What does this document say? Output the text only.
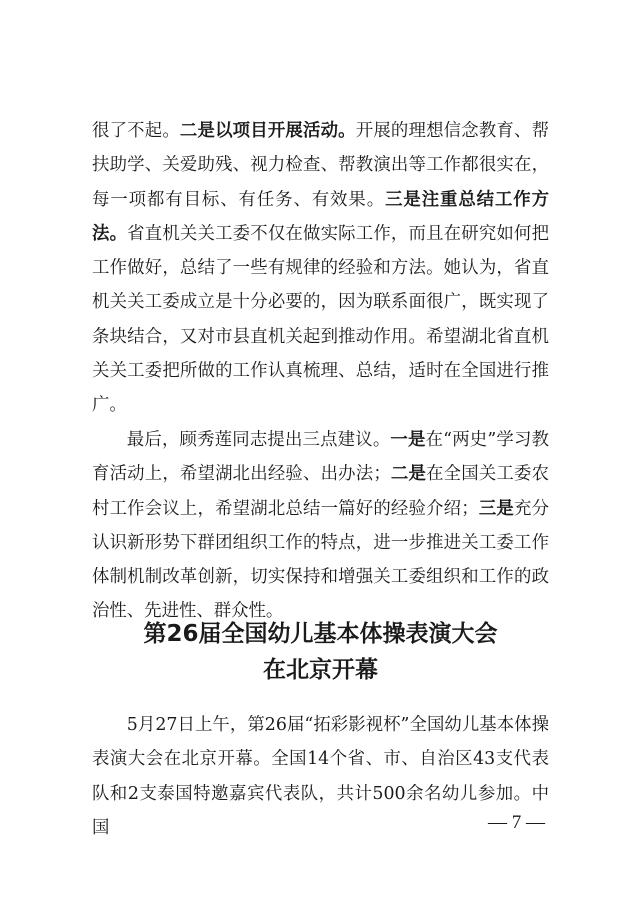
很了不起。二是以项目开展活动。开展的理想信念教育、帮扶助学、关爱助残、视力检查、帮教演出等工作都很实在，每一项都有目标、有任务、有效果。三是注重总结工作方法。省直机关关工委不仅在做实际工作，而且在研究如何把工作做好，总结了一些有规律的经验和方法。她认为，省直机关关工委成立是十分必要的，因为联系面很广，既实现了条块结合，又对市县直机关起到推动作用。希望湖北省直机关关工委把所做的工作认真梳理、总结，适时在全国进行推广。

最后，顾秀莲同志提出三点建议。一是在“两史”学习教育活动上，希望湖北出经验、出办法；二是在全国关工委农村工作会议上，希望湖北总结一篇好的经验介绍；三是充分认识新形势下群团组织工作的特点，进一步推进关工委工作体制机制改革创新，切实保持和增强关工委组织和工作的政治性、先进性、群众性。

第26届全国幼儿基本体操表演大会
在北京开幕

5月27日上午，第26届“拓彩影视杯”全国幼儿基本体操表演大会在北京开幕。全国14个省、市、自治区43支代表队和2支泰国特邀嘉宾代表队，共计500余名幼儿参加。中国	— 7 —
